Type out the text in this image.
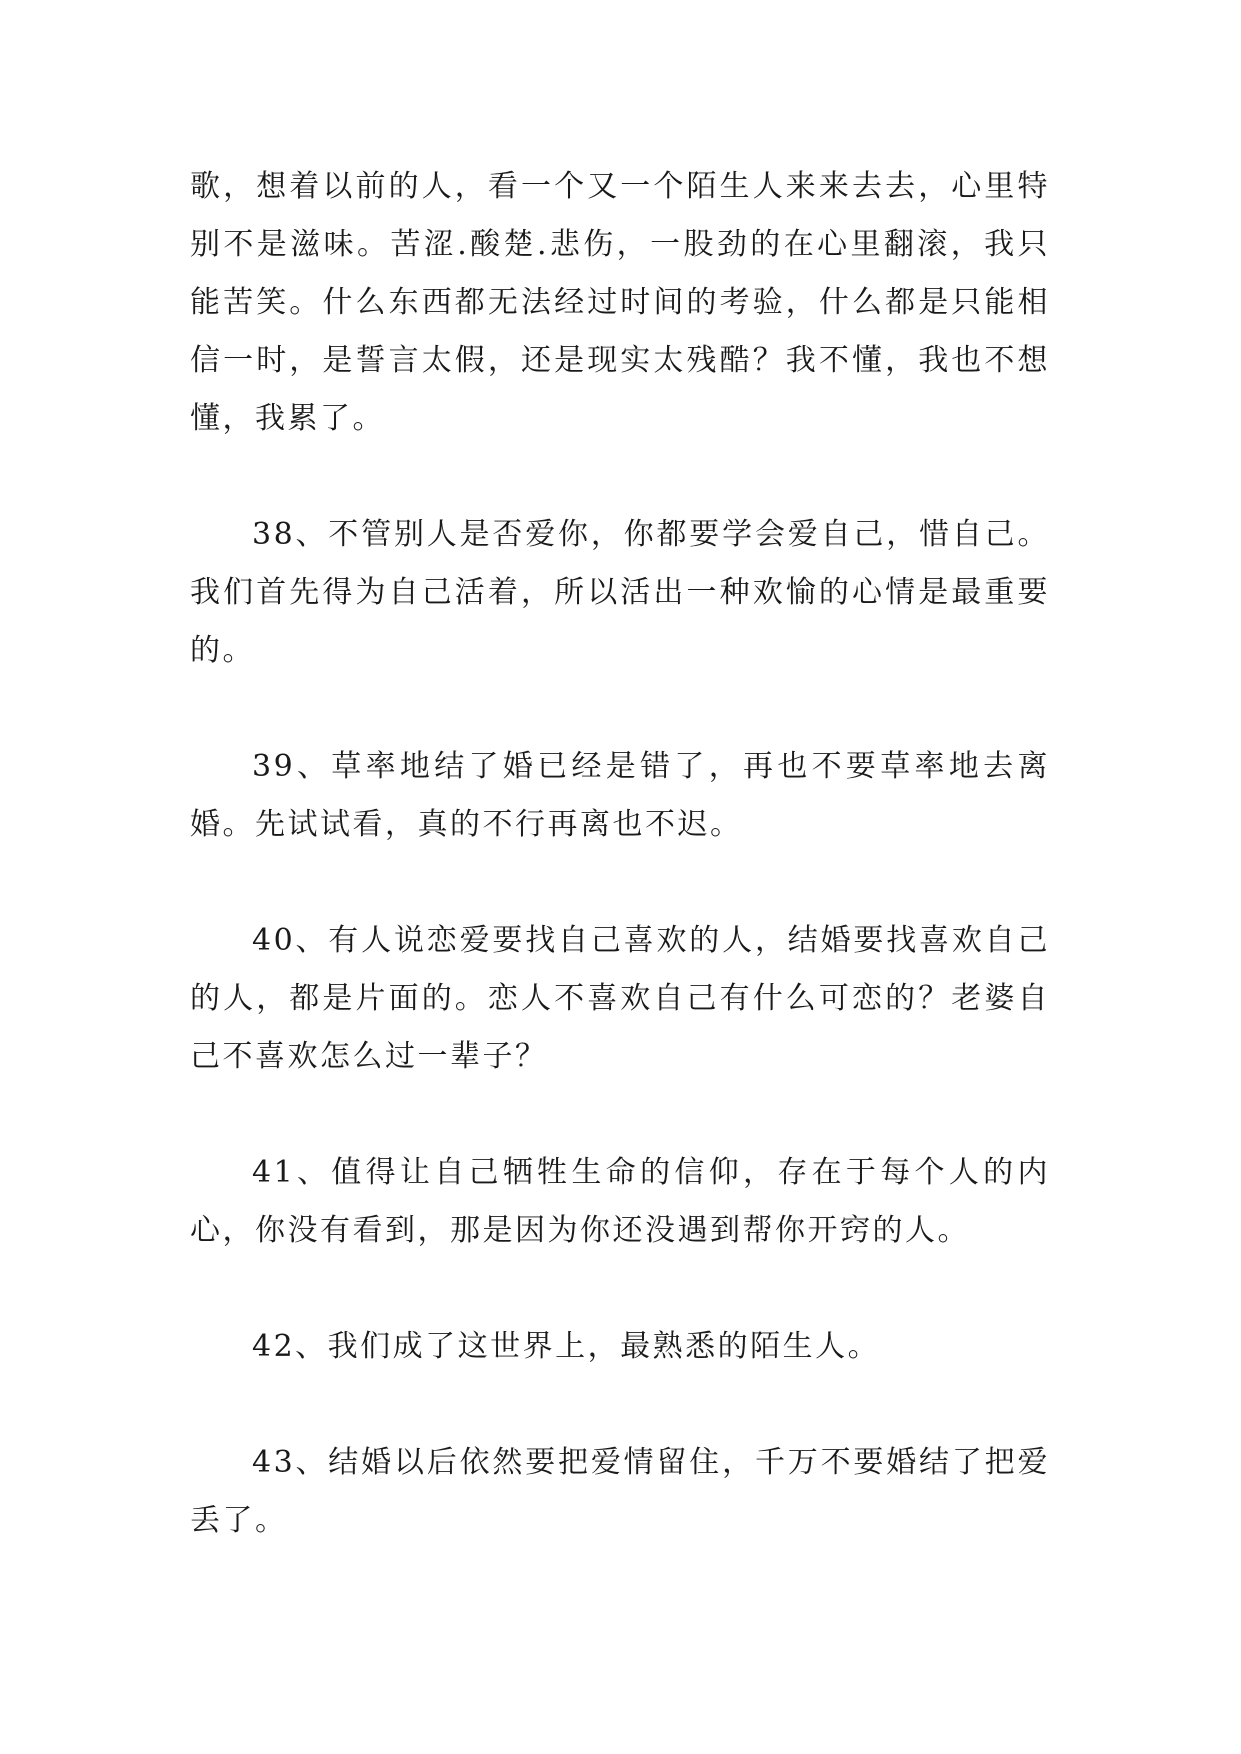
歌，想着以前的人，看一个又一个陌生人来来去去，心里特别不是滋味。苦涩.酸楚.悲伤，一股劲的在心里翻滚，我只能苦笑。什么东西都无法经过时间的考验，什么都是只能相信一时，是誓言太假，还是现实太残酷？我不懂，我也不想懂，我累了。

38、不管别人是否爱你，你都要学会爱自己，惜自己。我们首先得为自己活着，所以活出一种欢愉的心情是最重要的。

39、草率地结了婚已经是错了，再也不要草率地去离婚。先试试看，真的不行再离也不迟。

40、有人说恋爱要找自己喜欢的人，结婚要找喜欢自己的人，都是片面的。恋人不喜欢自己有什么可恋的？老婆自己不喜欢怎么过一辈子？

41、值得让自己牺牲生命的信仰，存在于每个人的内心，你没有看到，那是因为你还没遇到帮你开窍的人。

42、我们成了这世界上，最熟悉的陌生人。

43、结婚以后依然要把爱情留住，千万不要婚结了把爱丢了。
